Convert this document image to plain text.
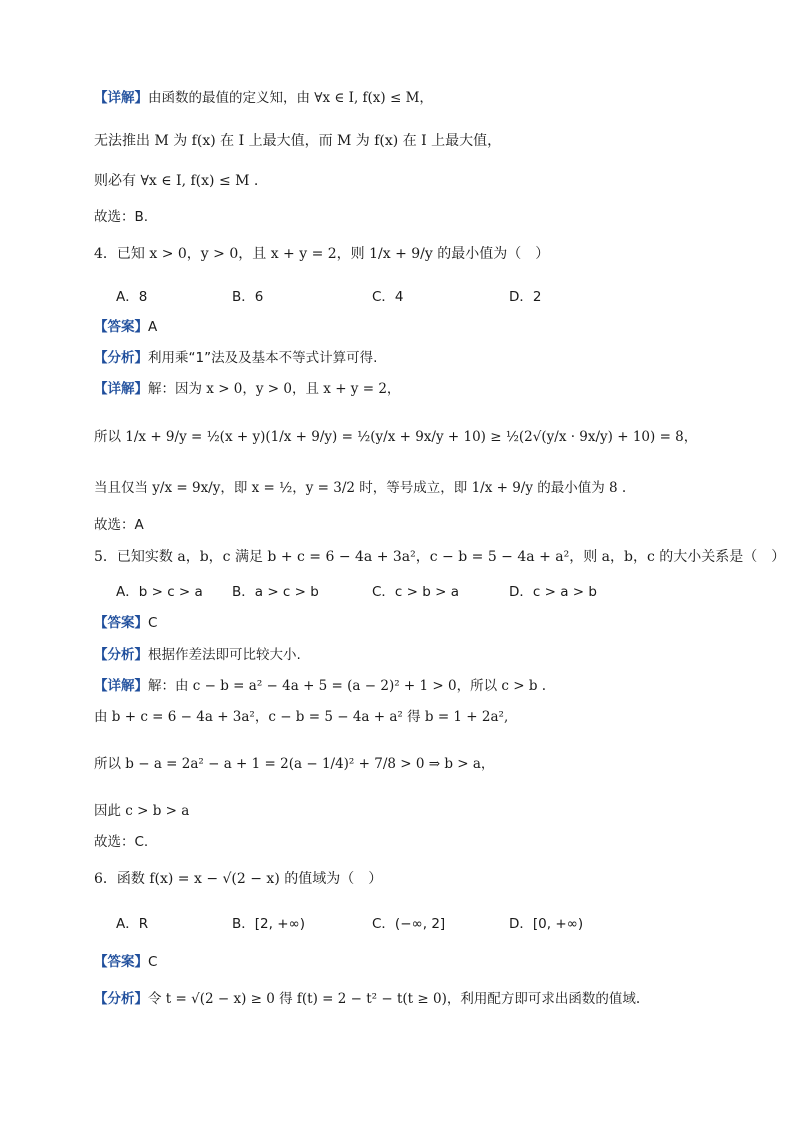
【详解】由函数的最值的定义知，由 ∀x ∈ I, f(x) ≤ M，
无法推出 M 为 f(x) 在 I 上最大值，而 M 为 f(x) 在 I 上最大值，
则必有 ∀x ∈ I, f(x) ≤ M .
故选：B.
4．已知 x > 0，y > 0，且 x + y = 2，则 1/x + 9/y 的最小值为（　）
A．8	B．6	C．4	D．2
【答案】A
【分析】利用乘“1”法及及基本不等式计算可得.
【详解】解：因为 x > 0，y > 0，且 x + y = 2，
所以 1/x + 9/y = ½(x + y)(1/x + 9/y) = ½(y/x + 9x/y + 10) ≥ ½(2√(y/x · 9x/y) + 10) = 8，
当且仅当 y/x = 9x/y，即 x = ½，y = 3/2 时，等号成立，即 1/x + 9/y 的最小值为 8 .
故选：A
5．已知实数 a，b，c 满足 b + c = 6 − 4a + 3a²，c − b = 5 − 4a + a²，则 a，b，c 的大小关系是（　）
A．b > c > a B．a > c > b	C．c > b > a	D．c > a > b
【答案】C
【分析】根据作差法即可比较大小.
【详解】解：由 c − b = a² − 4a + 5 = (a − 2)² + 1 > 0，所以 c > b .
由 b + c = 6 − 4a + 3a²，c − b = 5 − 4a + a² 得 b = 1 + 2a²,
所以 b − a = 2a² − a + 1 = 2(a − 1/4)² + 7/8 > 0 ⇒ b > a，
因此 c > b > a
故选：C.
6．函数 f(x) = x − √(2 − x) 的值域为（　）
A．R	B．[2, +∞)	C．(−∞, 2]	D．[0, +∞)
【答案】C
【分析】令 t = √(2 − x) ≥ 0 得 f(t) = 2 − t² − t(t ≥ 0)，利用配方即可求出函数的值域.
